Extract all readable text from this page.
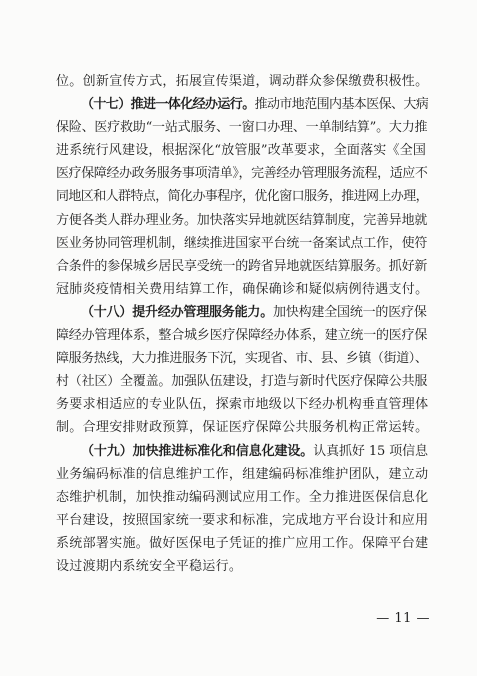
位。创新宣传方式，拓展宣传渠道，调动群众参保缴费积极性。
（十七）推进一体化经办运行。推动市地范围内基本医保、大病
保险、医疗救助“一站式服务、一窗口办理、一单制结算”。大力推
进系统行风建设，根据深化“放管服”改革要求，全面落实《全国
医疗保障经办政务服务事项清单》，完善经办管理服务流程，适应不
同地区和人群特点，简化办事程序，优化窗口服务，推进网上办理，
方便各类人群办理业务。加快落实异地就医结算制度，完善异地就
医业务协同管理机制，继续推进国家平台统一备案试点工作，使符
合条件的参保城乡居民享受统一的跨省异地就医结算服务。抓好新
冠肺炎疫情相关费用结算工作，确保确诊和疑似病例待遇支付。
（十八）提升经办管理服务能力。加快构建全国统一的医疗保
障经办管理体系，整合城乡医疗保障经办体系，建立统一的医疗保
障服务热线，大力推进服务下沉，实现省、市、县、乡镇（街道）、
村（社区）全覆盖。加强队伍建设，打造与新时代医疗保障公共服
务要求相适应的专业队伍，探索市地级以下经办机构垂直管理体
制。合理安排财政预算，保证医疗保障公共服务机构正常运转。
（十九）加快推进标准化和信息化建设。认真抓好 15 项信息
业务编码标准的信息维护工作，组建编码标准维护团队，建立动
态维护机制，加快推动编码测试应用工作。全力推进医保信息化
平台建设，按照国家统一要求和标准，完成地方平台设计和应用
系统部署实施。做好医保电子凭证的推广应用工作。保障平台建
设过渡期内系统安全平稳运行。
— 11 —
